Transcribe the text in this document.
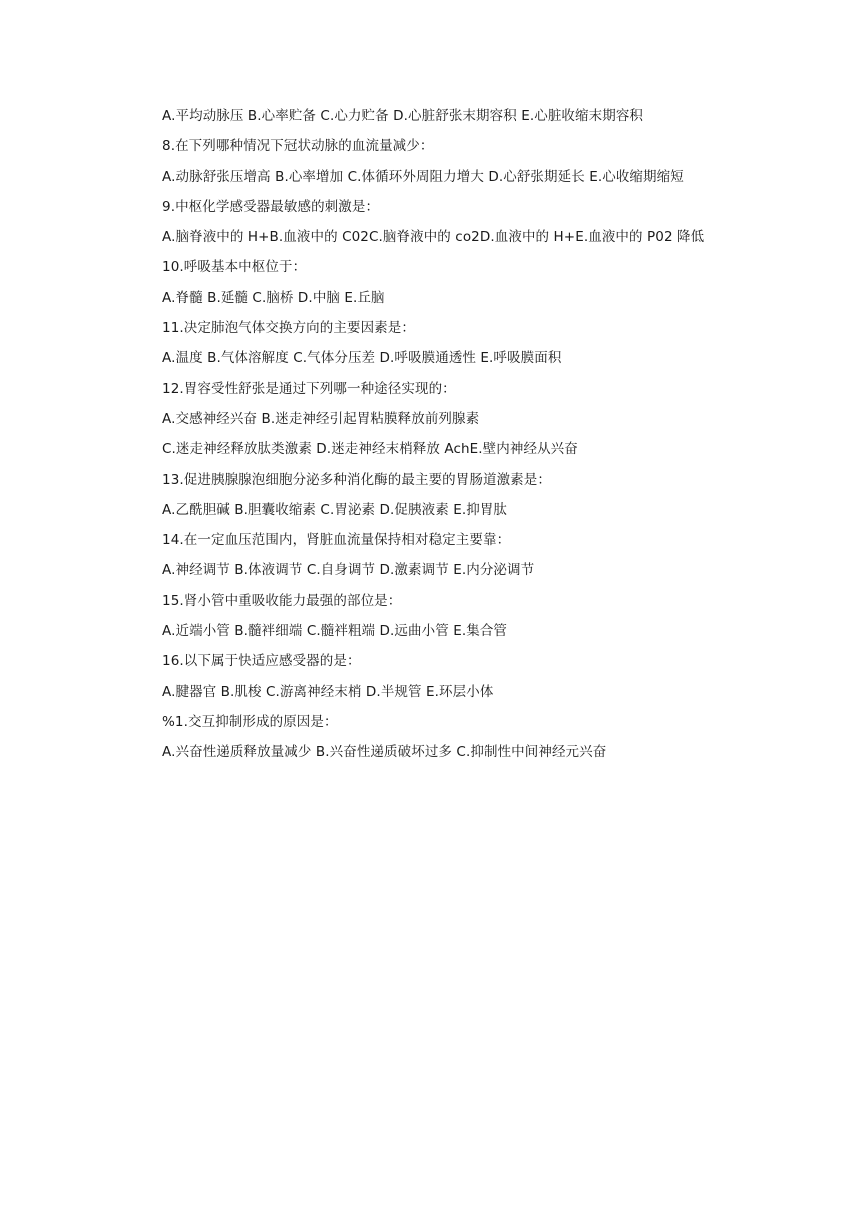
A.平均动脉压 B.心率贮备 C.心力贮备 D.心脏舒张末期容积 E.心脏收缩末期容积

8.在下列哪种情况下冠状动脉的血流量减少：

A.动脉舒张压增高 B.心率增加 C.体循环外周阻力增大 D.心舒张期延长 E.心收缩期缩短

9.中枢化学感受器最敏感的刺激是：

A.脑脊液中的 H+B.血液中的 C02C.脑脊液中的 co2D.血液中的 H+E.血液中的 P02 降低

10.呼吸基本中枢位于：

A.脊髓 B.延髓 C.脑桥 D.中脑 E.丘脑

11.决定肺泡气体交换方向的主要因素是：

A.温度 B.气体溶解度 C.气体分压差 D.呼吸膜通透性 E.呼吸膜面积

12.胃容受性舒张是通过下列哪一种途径实现的：

A.交感神经兴奋 B.迷走神经引起胃粘膜释放前列腺素

C.迷走神经释放肽类激素 D.迷走神经末梢释放 AchE.壁内神经从兴奋

13.促进胰腺腺泡细胞分泌多种消化酶的最主要的胃肠道激素是：

A.乙酰胆碱 B.胆囊收缩素 C.胃泌素 D.促胰液素 E.抑胃肽

14.在一定血压范围内，肾脏血流量保持相对稳定主要靠：

A.神经调节 B.体液调节 C.自身调节 D.激素调节 E.内分泌调节

15.肾小管中重吸收能力最强的部位是：

A.近端小管 B.髓袢细端 C.髓袢粗端 D.远曲小管 E.集合管

16.以下属于快适应感受器的是：

A.腱器官 B.肌梭 C.游离神经末梢 D.半规管 E.环层小体

%1.交互抑制形成的原因是：

A.兴奋性递质释放量减少 B.兴奋性递质破坏过多 C.抑制性中间神经元兴奋
